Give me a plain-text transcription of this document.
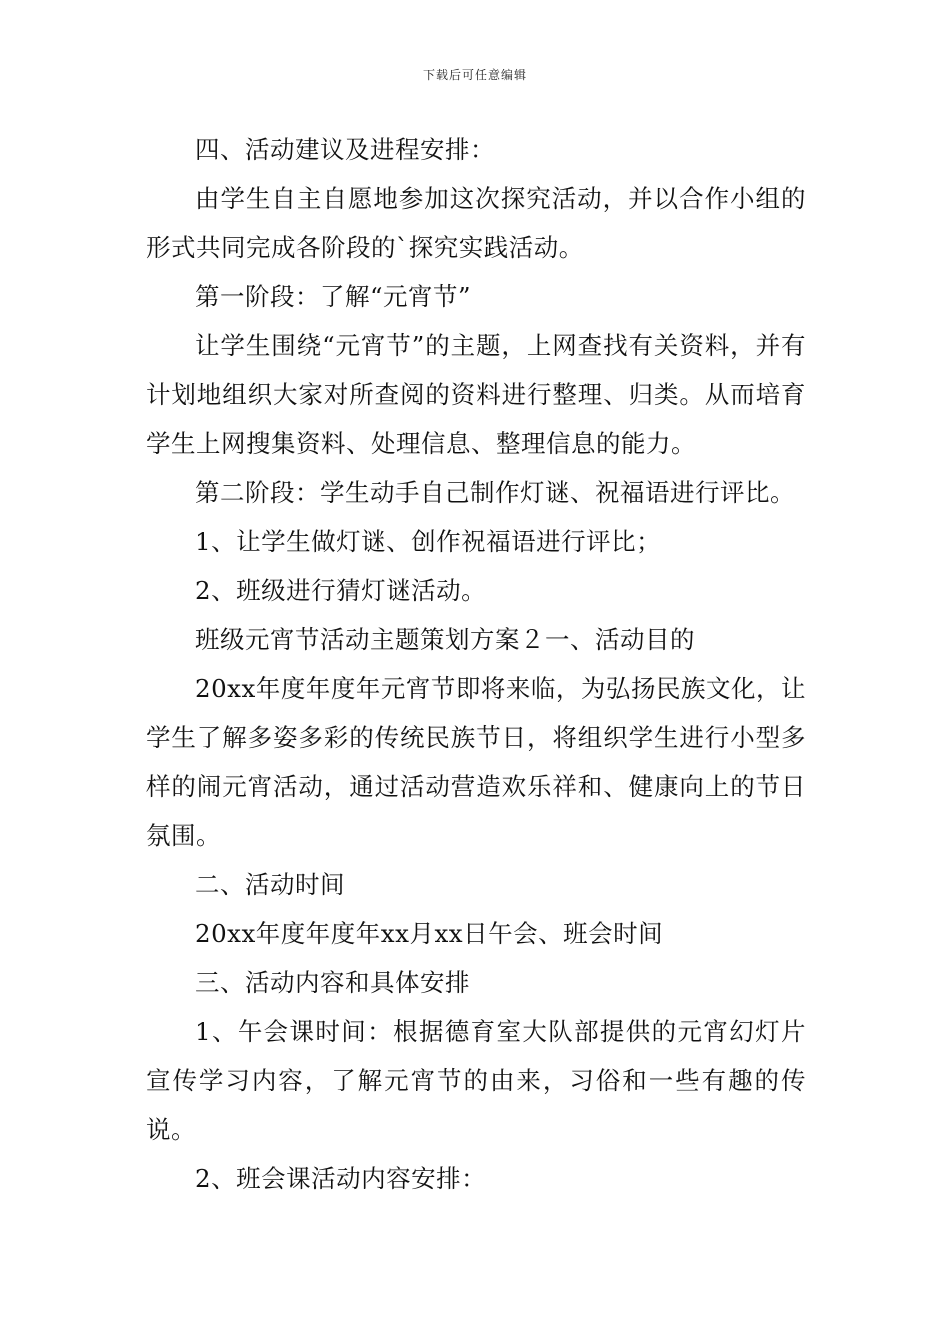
下载后可任意编辑

四、活动建议及进程安排：

由学生自主自愿地参加这次探究活动，并以合作小组的形式共同完成各阶段的`探究实践活动。

第一阶段：了解“元宵节”

让学生围绕“元宵节”的主题，上网查找有关资料，并有计划地组织大家对所查阅的资料进行整理、归类。从而培育学生上网搜集资料、处理信息、整理信息的能力。

第二阶段：学生动手自己制作灯谜、祝福语进行评比。

1、让学生做灯谜、创作祝福语进行评比；

2、班级进行猜灯谜活动。

班级元宵节活动主题策划方案２一、活动目的

20xx年度年度年元宵节即将来临，为弘扬民族文化，让学生了解多姿多彩的传统民族节日，将组织学生进行小型多样的闹元宵活动，通过活动营造欢乐祥和、健康向上的节日氛围。

二、活动时间

20xx年度年度年xx月xx日午会、班会时间

三、活动内容和具体安排

1、午会课时间：根据德育室大队部提供的元宵幻灯片宣传学习内容，了解元宵节的由来，习俗和一些有趣的传说。

2、班会课活动内容安排：
